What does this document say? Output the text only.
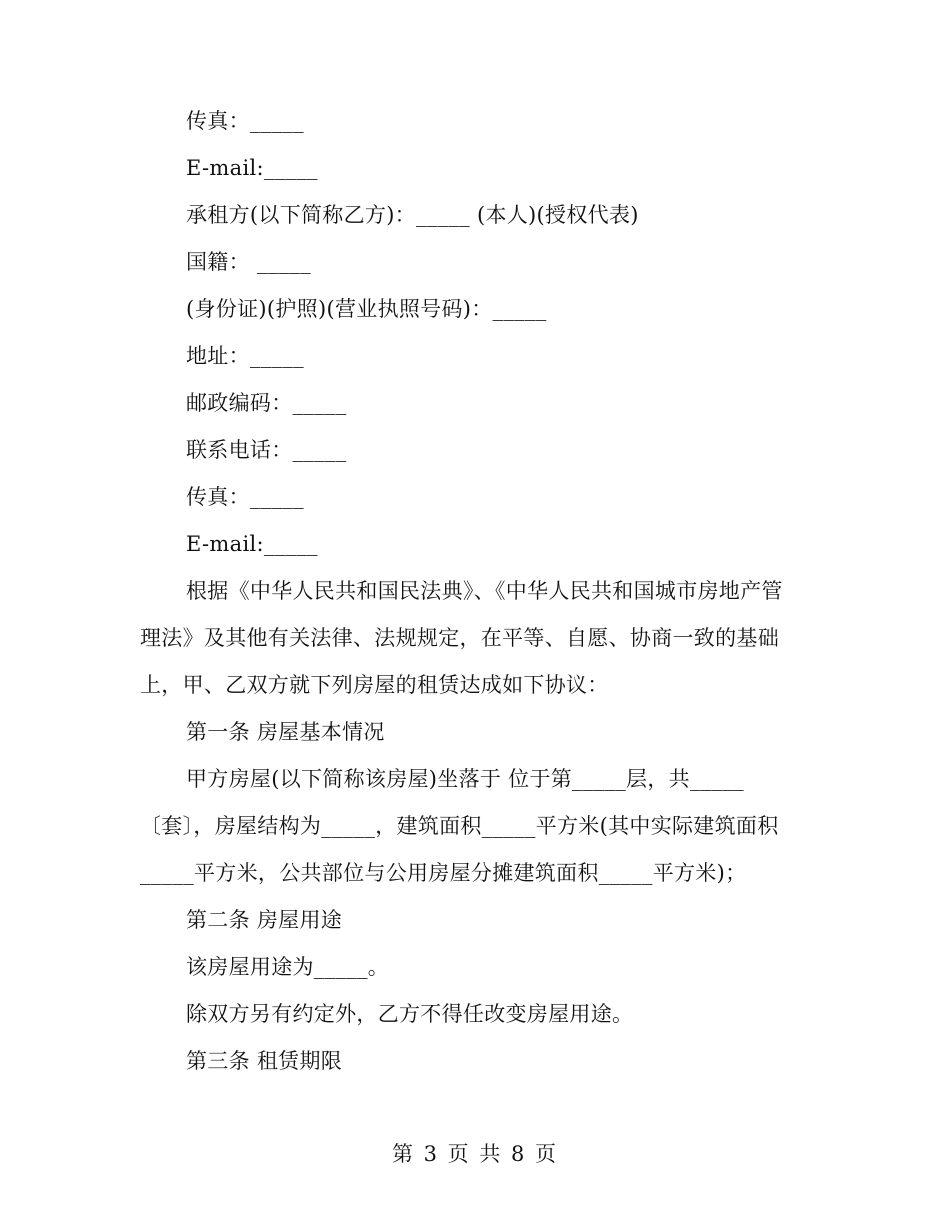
传真：_____
E-mail:_____
承租方(以下简称乙方)：_____ (本人)(授权代表)
国籍： _____
(身份证)(护照)(营业执照号码)：_____
地址：_____
邮政编码：_____
联系电话：_____
传真：_____
E-mail:_____

根据《中华人民共和国民法典》、《中华人民共和国城市房地产管理法》及其他有关法律、法规规定，在平等、自愿、协商一致的基础上，甲、乙双方就下列房屋的租赁达成如下协议：

第一条 房屋基本情况

甲方房屋(以下简称该房屋)坐落于 位于第_____层，共_____〔套〕，房屋结构为_____，建筑面积_____平方米(其中实际建筑面积_____平方米，公共部位与公用房屋分摊建筑面积_____平方米)；

第二条 房屋用途
该房屋用途为_____。
除双方另有约定外，乙方不得任改变房屋用途。
第三条 租赁期限
第 3 页 共 8 页
